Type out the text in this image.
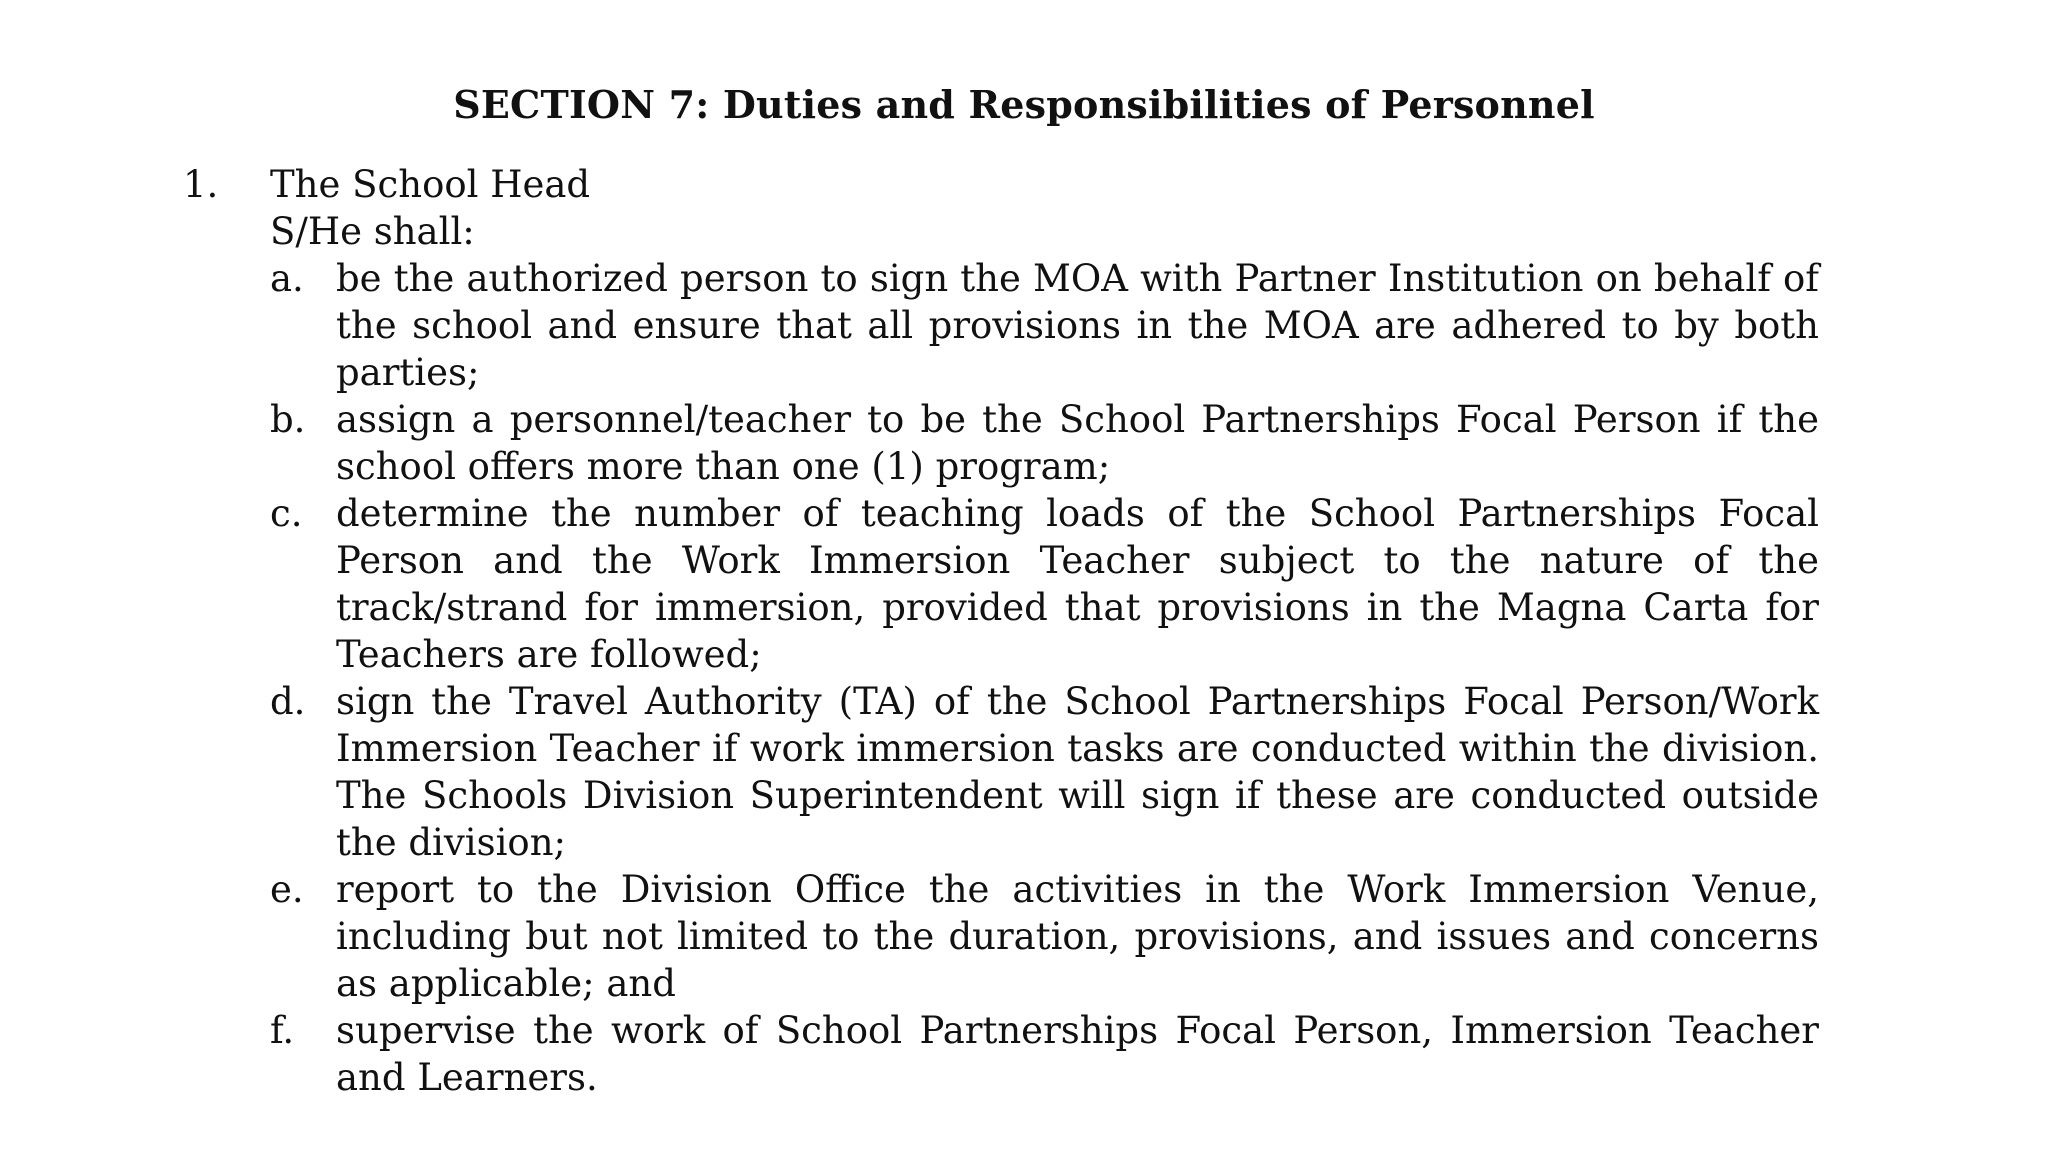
SECTION 7: Duties and Responsibilities of Personnel
1.	The School Head
S/He shall:
a. be the authorized person to sign the MOA with Partner Institution on behalf of the school and ensure that all provisions in the MOA are adhered to by both parties;
b. assign a personnel/teacher to be the School Partnerships Focal Person if the school offers more than one (1) program;
c. determine the number of teaching loads of the School Partnerships Focal Person and the Work Immersion Teacher subject to the nature of the track/strand for immersion, provided that provisions in the Magna Carta for Teachers are followed;
d. sign the Travel Authority (TA) of the School Partnerships Focal Person/Work Immersion Teacher if work immersion tasks are conducted within the division. The Schools Division Superintendent will sign if these are conducted outside the division;
e. report to the Division Office the activities in the Work Immersion Venue, including but not limited to the duration, provisions, and issues and concerns as applicable; and
f.	supervise the work of School Partnerships Focal Person, Immersion Teacher and Learners.
